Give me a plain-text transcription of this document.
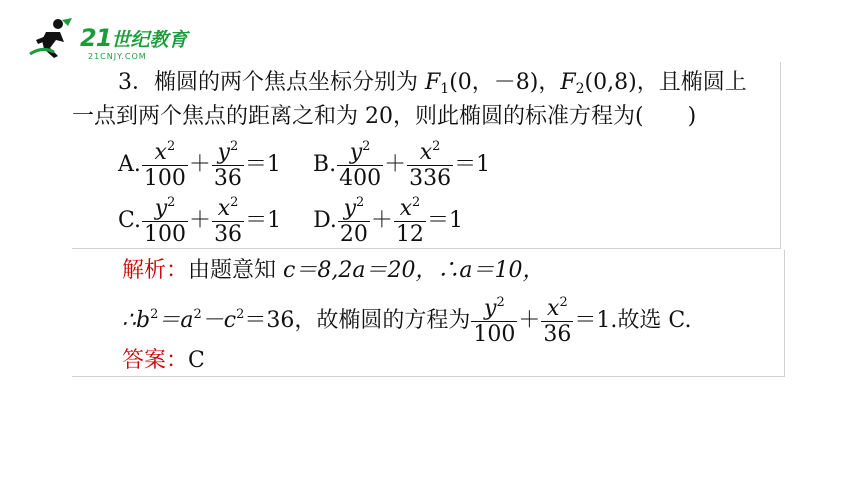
21世纪教育
21CNJY.COM
3．椭圆的两个焦点坐标分别为 F1(0，－8)，F2(0,8)，且椭圆上
一点到两个焦点的距离之和为 20，则此椭圆的标准方程为(　　)
A. $\frac{x^2}{100} + \frac{y^2}{36} =1$ B. $\frac{y^2}{400} + \frac{x^2}{336} =1$
C. $\frac{y^2}{100} + \frac{x^2}{36} =1$ D. $\frac{y^2}{20} + \frac{x^2}{12} =1$
解析：由题意知 c＝8,2a＝20，∴a＝10，
$\therefore b^2=a^2-c^2=36$，故椭圆的方程为 $\frac{y^2}{100} + \frac{x^2}{36} =1$.故选 C.
答案：C
